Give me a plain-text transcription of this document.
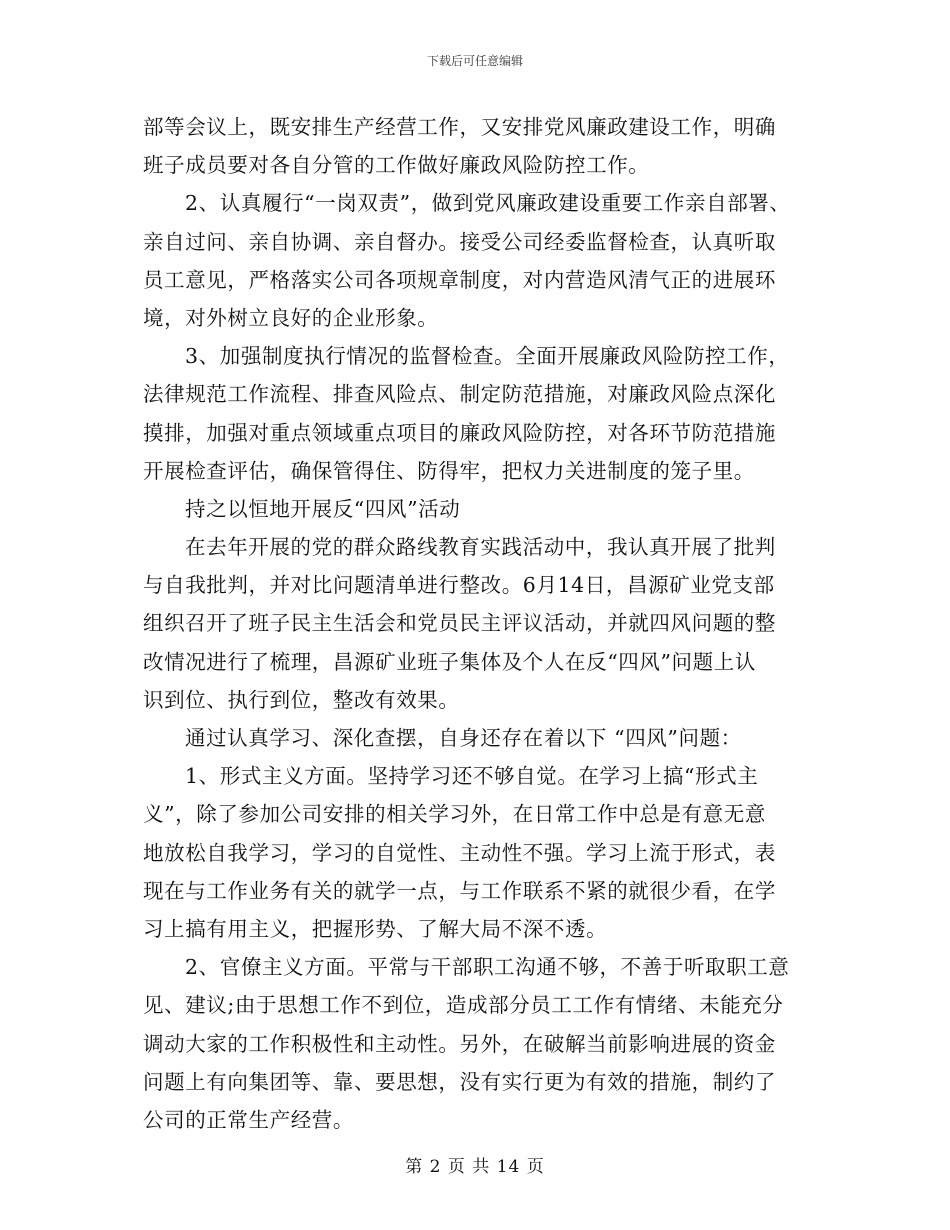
下载后可任意编辑
部等会议上，既安排生产经营工作，又安排党风廉政建设工作，明确
班子成员要对各自分管的工作做好廉政风险防控工作。
2、认真履行“一岗双责”，做到党风廉政建设重要工作亲自部署、
亲自过问、亲自协调、亲自督办。接受公司经委监督检查，认真听取
员工意见，严格落实公司各项规章制度，对内营造风清气正的进展环
境，对外树立良好的企业形象。
3、加强制度执行情况的监督检查。全面开展廉政风险防控工作，
法律规范工作流程、排查风险点、制定防范措施，对廉政风险点深化
摸排，加强对重点领域重点项目的廉政风险防控，对各环节防范措施
开展检查评估，确保管得住、防得牢，把权力关进制度的笼子里。
持之以恒地开展反“四风”活动
在去年开展的党的群众路线教育实践活动中，我认真开展了批判
与自我批判，并对比问题清单进行整改。6月14日，昌源矿业党支部
组织召开了班子民主生活会和党员民主评议活动，并就四风问题的整
改情况进行了梳理，昌源矿业班子集体及个人在反“四风”问题上认
识到位、执行到位，整改有效果。
通过认真学习、深化查摆，自身还存在着以下 “四风”问题：
1、形式主义方面。坚持学习还不够自觉。在学习上搞“形式主
义”，除了参加公司安排的相关学习外，在日常工作中总是有意无意
地放松自我学习，学习的自觉性、主动性不强。学习上流于形式，表
现在与工作业务有关的就学一点，与工作联系不紧的就很少看，在学
习上搞有用主义，把握形势、了解大局不深不透。
2、官僚主义方面。平常与干部职工沟通不够，不善于听取职工意
见、建议;由于思想工作不到位，造成部分员工工作有情绪、未能充分
调动大家的工作积极性和主动性。另外，在破解当前影响进展的资金
问题上有向集团等、靠、要思想，没有实行更为有效的措施，制约了
公司的正常生产经营。
第 2 页 共 14 页
